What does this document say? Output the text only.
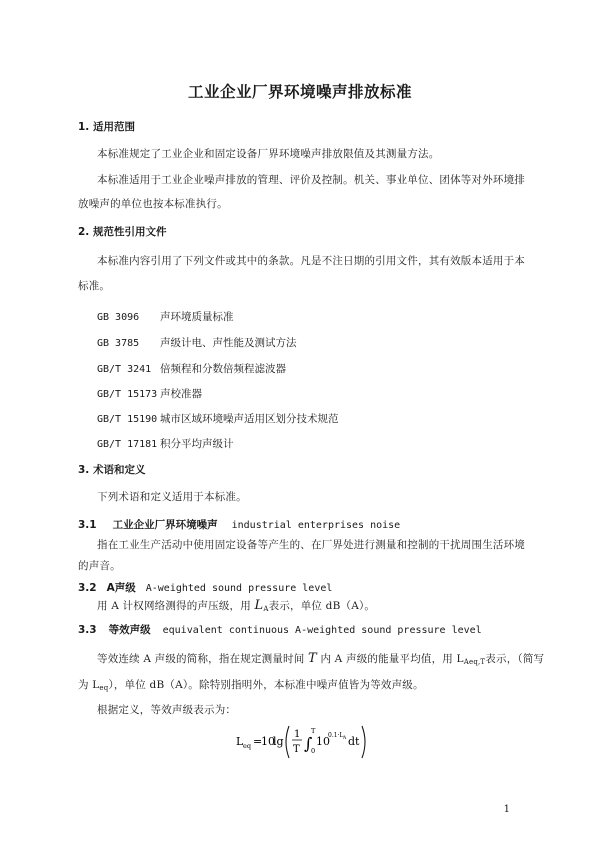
工业企业厂界环境噪声排放标准
1. 适用范围
本标准规定了工业企业和固定设备厂界环境噪声排放限值及其测量方法。
本标准适用于工业企业噪声排放的管理、评价及控制。机关、事业单位、团体等对外环境排
放噪声的单位也按本标准执行。
2. 规范性引用文件
本标准内容引用了下列文件或其中的条款。凡是不注日期的引用文件，其有效版本适用于本
标准。
GB 3096 声环境质量标准
GB 3785 声级计电、声性能及测试方法
GB/T 3241 倍频程和分数倍频程滤波器
GB/T 15173 声校准器
GB/T 15190 城市区域环境噪声适用区划分技术规范
GB/T 17181 积分平均声级计
3. 术语和定义
下列术语和定义适用于本标准。
3.1 工业企业厂界环境噪声 industrial enterprises noise
指在工业生产活动中使用固定设备等产生的、在厂界处进行测量和控制的干扰周围生活环境
的声音。
3.2 A声级 A-weighted sound pressure level
用 A 计权网络测得的声压级，用 $L_A$表示，单位 dB（A）。
3.3 等效声级 equivalent continuous A-weighted sound pressure level
等效连续 A 声级的简称，指在规定测量时间 T 内 A 声级的能量平均值，用 $L_{Aeq,T}$表示，（简写
为 $L_{eq}$），单位 dB（A）。除特别指明外，本标准中噪声值皆为等效声级。
根据定义，等效声级表示为：
L eq =
10
lg
1
T ∫
T
0
10
0.1·L A dt
1
